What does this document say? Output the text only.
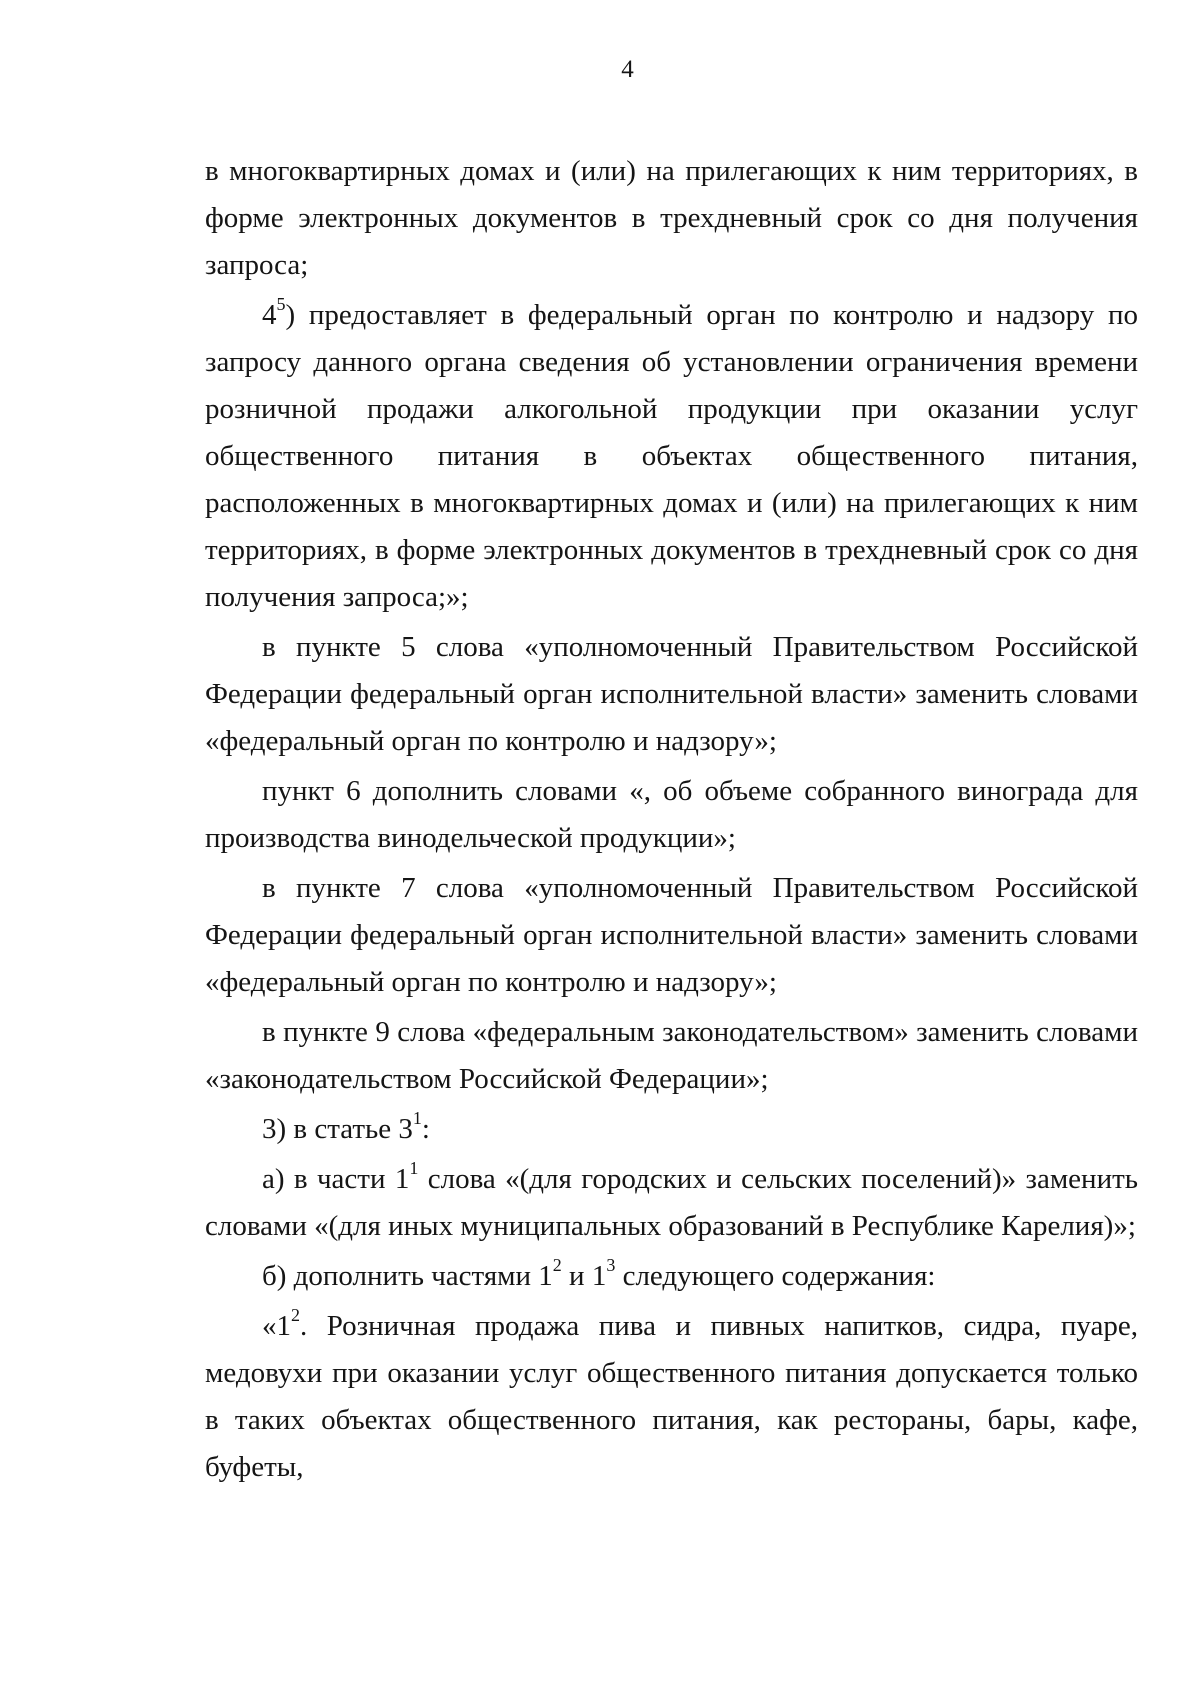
4

в многоквартирных домах и (или) на прилегающих к ним территориях, в форме электронных документов в трехдневный срок со дня получения запроса;

$4^5$) предоставляет в федеральный орган по контролю и надзору по запросу данного органа сведения об установлении ограничения времени розничной продажи алкогольной продукции при оказании услуг общественного питания в объектах общественного питания, расположенных в многоквартирных домах и (или) на прилегающих к ним территориях, в форме электронных документов в трехдневный срок со дня получения запроса;»;

в пункте 5 слова «уполномоченный Правительством Российской Федерации федеральный орган исполнительной власти» заменить словами «федеральный орган по контролю и надзору»;

пункт 6 дополнить словами «, об объеме собранного винограда для производства винодельческой продукции»;

в пункте 7 слова «уполномоченный Правительством Российской Федерации федеральный орган исполнительной власти» заменить словами «федеральный орган по контролю и надзору»;

в пункте 9 слова «федеральным законодательством» заменить словами «законодательством Российской Федерации»;

3) в статье $3^1$:

а) в части $1^1$ слова «(для городских и сельских поселений)» заменить словами «(для иных муниципальных образований в Республике Карелия)»;

б) дополнить частями $1^2$ и $1^3$ следующего содержания:

«$1^2$. Розничная продажа пива и пивных напитков, сидра, пуаре, медовухи при оказании услуг общественного питания допускается только в таких объектах общественного питания, как рестораны, бары, кафе, буфеты,
